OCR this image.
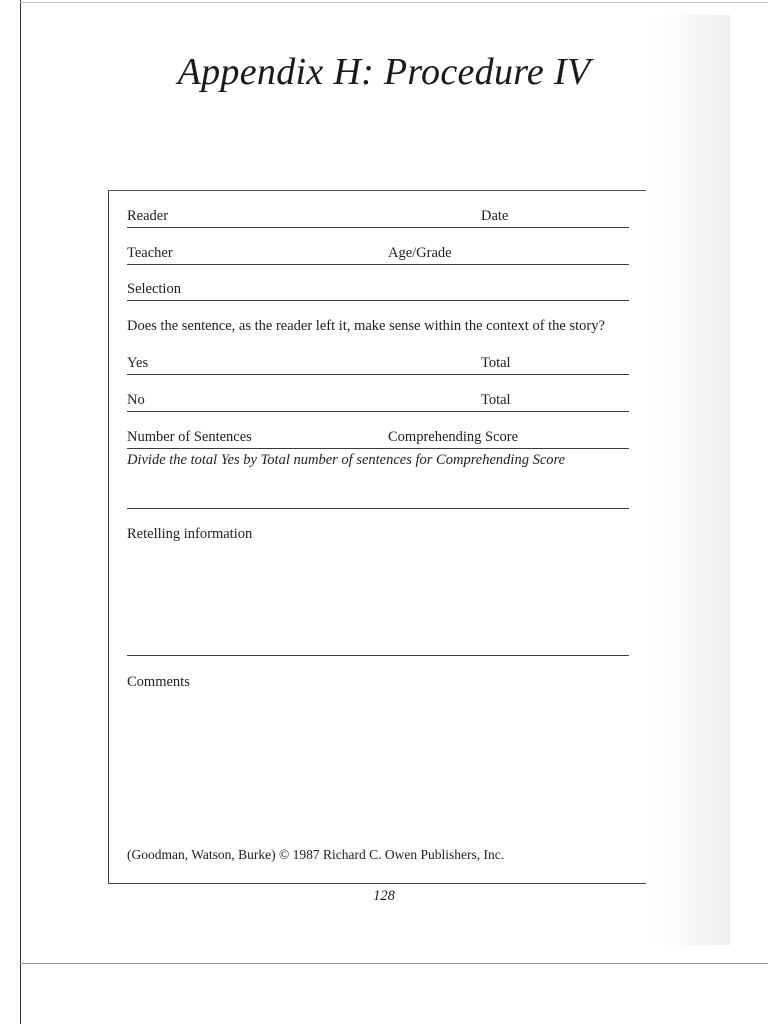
Appendix H: Procedure IV
Reader	Date
Teacher	Age/Grade
Selection
Does the sentence, as the reader left it, make sense within the context of the story?
Yes	Total
No	Total
Number of Sentences	Comprehending Score
Divide the total Yes by Total number of sentences for Comprehending Score
Retelling information
Comments
(Goodman, Watson, Burke) © 1987 Richard C. Owen Publishers, Inc.
128
